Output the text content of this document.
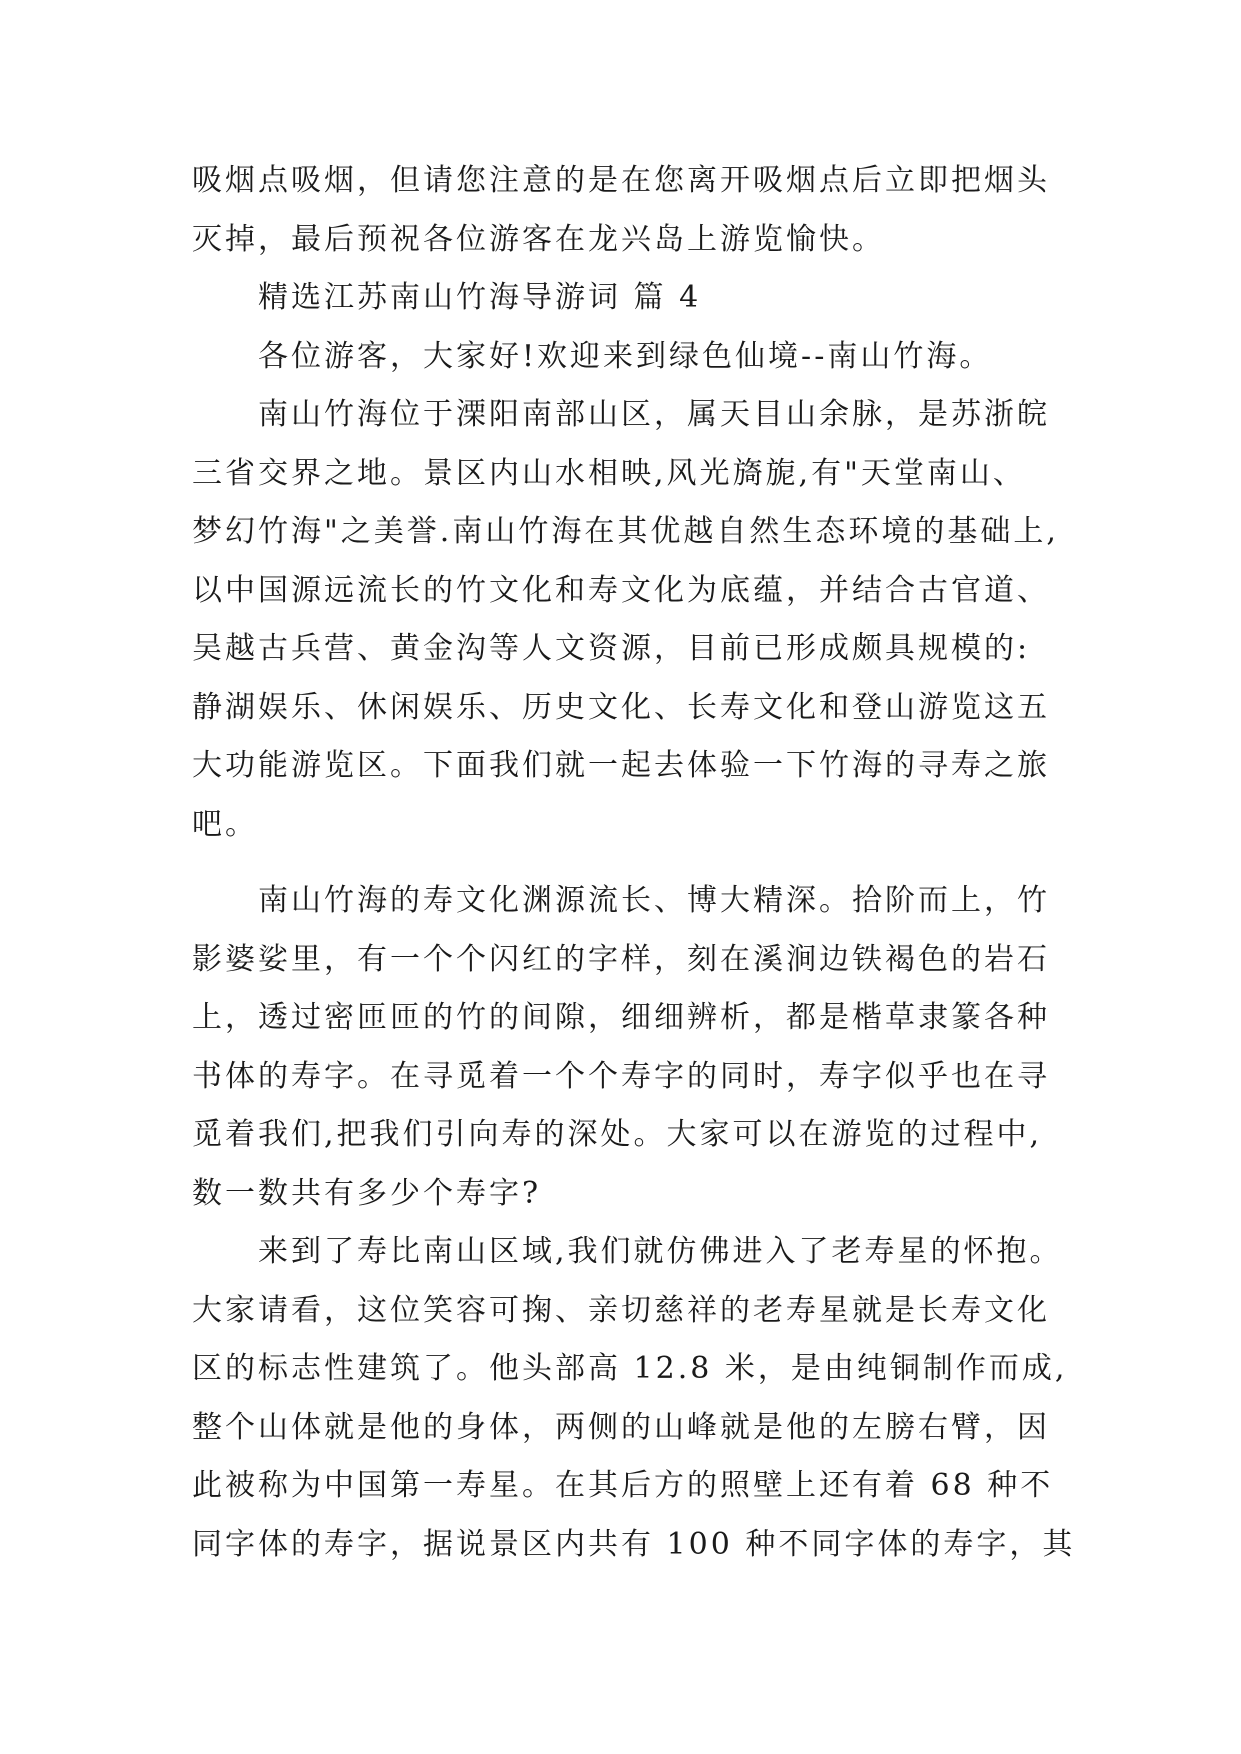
吸烟点吸烟，但请您注意的是在您离开吸烟点后立即把烟头
灭掉，最后预祝各位游客在龙兴岛上游览愉快。
　　精选江苏南山竹海导游词 篇 4
　　各位游客，大家好!欢迎来到绿色仙境--南山竹海。
　　南山竹海位于溧阳南部山区，属天目山余脉，是苏浙皖
三省交界之地。景区内山水相映,风光旖旎,有"天堂南山、
梦幻竹海"之美誉.南山竹海在其优越自然生态环境的基础上,
以中国源远流长的竹文化和寿文化为底蕴，并结合古官道、
吴越古兵营、黄金沟等人文资源，目前已形成颇具规模的:
静湖娱乐、休闲娱乐、历史文化、长寿文化和登山游览这五
大功能游览区。下面我们就一起去体验一下竹海的寻寿之旅
吧。
　　南山竹海的寿文化渊源流长、博大精深。拾阶而上，竹
影婆娑里，有一个个闪红的字样，刻在溪涧边铁褐色的岩石
上，透过密匝匝的竹的间隙，细细辨析，都是楷草隶篆各种
书体的寿字。在寻觅着一个个寿字的同时，寿字似乎也在寻
觅着我们,把我们引向寿的深处。大家可以在游览的过程中,
数一数共有多少个寿字?
　　来到了寿比南山区域,我们就仿佛进入了老寿星的怀抱。
大家请看，这位笑容可掬、亲切慈祥的老寿星就是长寿文化
区的标志性建筑了。他头部高 12.8 米，是由纯铜制作而成,
整个山体就是他的身体，两侧的山峰就是他的左膀右臂，因
此被称为中国第一寿星。在其后方的照壁上还有着 68 种不
同字体的寿字，据说景区内共有 100 种不同字体的寿字，其
